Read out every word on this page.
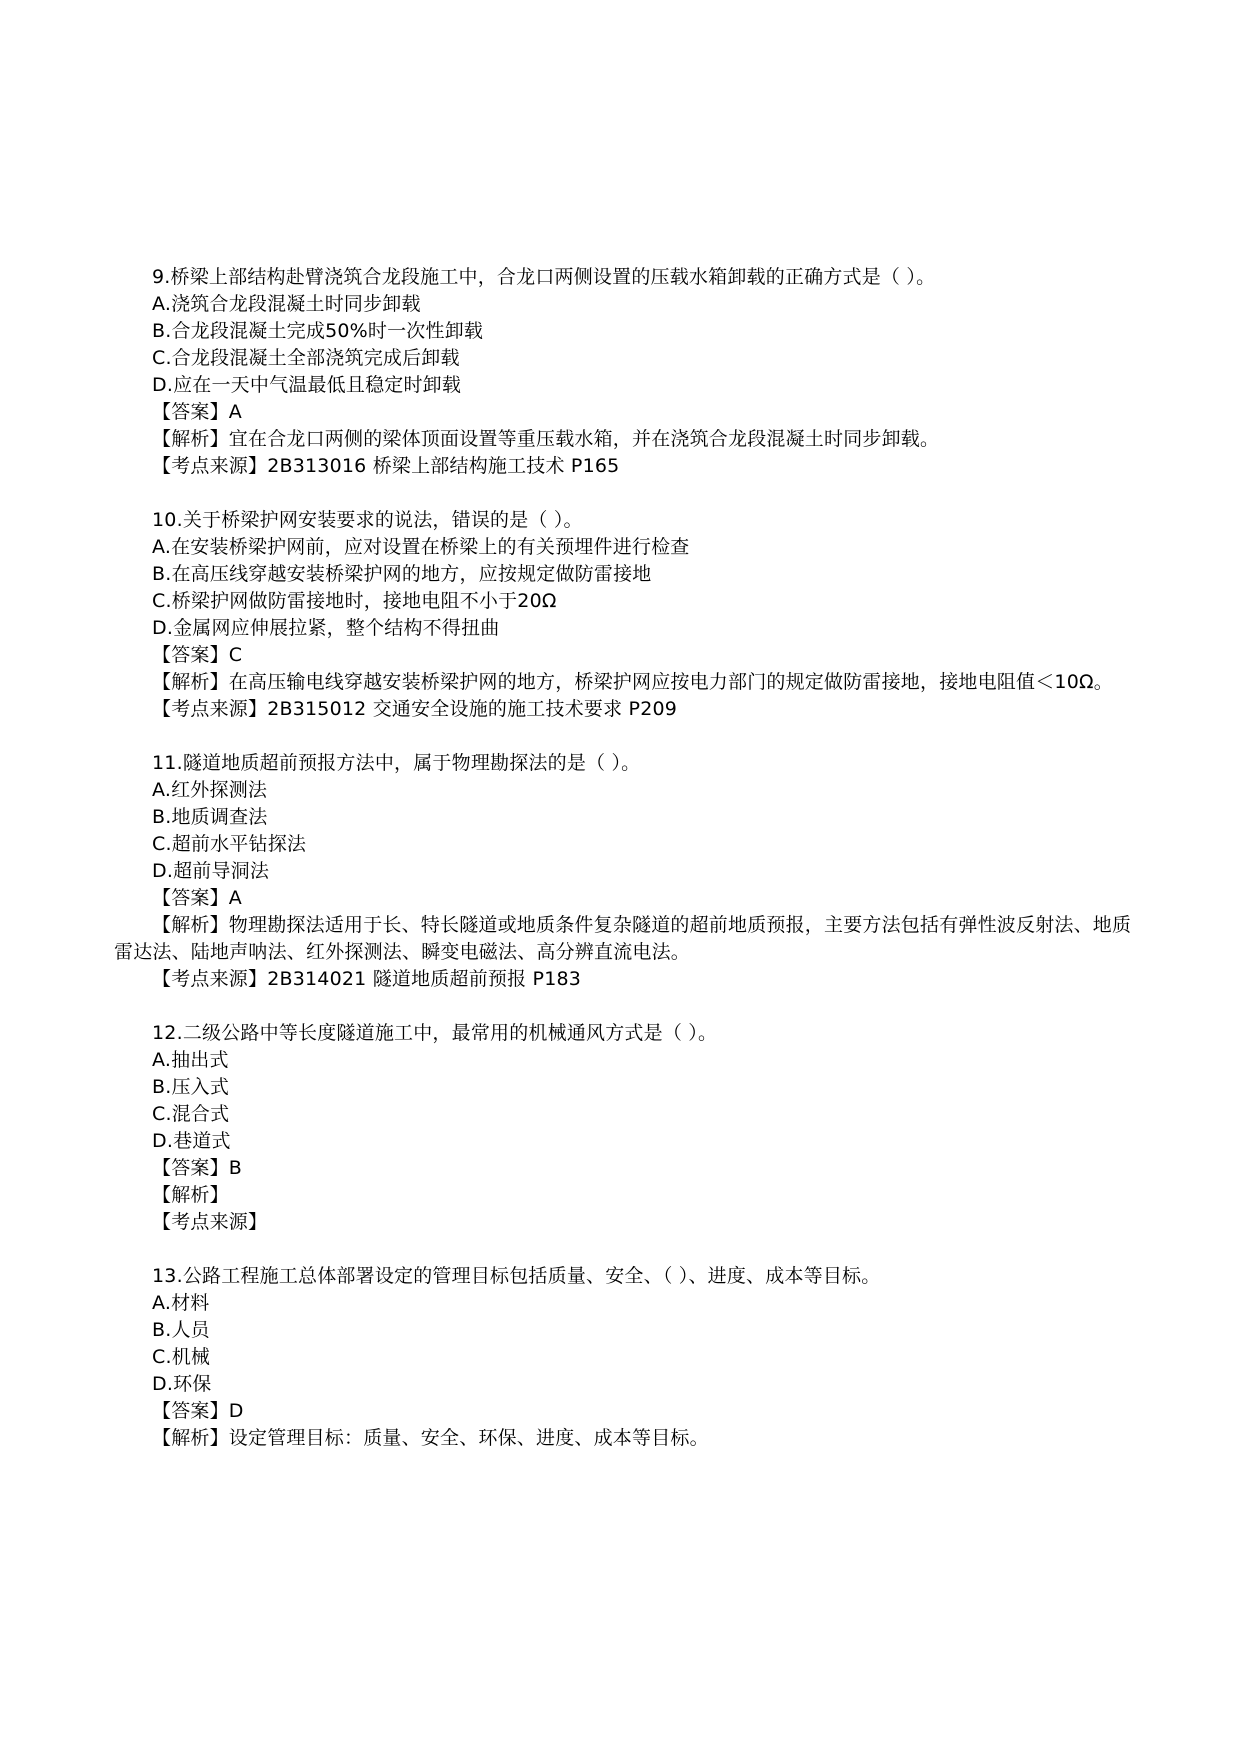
9.桥梁上部结构赴臂浇筑合龙段施工中，合龙口两侧设置的压载水箱卸载的正确方式是（ ）。
A.浇筑合龙段混凝土时同步卸载
B.合龙段混凝土完成50%时一次性卸载
C.合龙段混凝土全部浇筑完成后卸载
D.应在一天中气温最低且稳定时卸载
【答案】A
【解析】宜在合龙口两侧的梁体顶面设置等重压载水箱，并在浇筑合龙段混凝土时同步卸载。
【考点来源】2B313016 桥梁上部结构施工技术 P165
10.关于桥梁护网安装要求的说法，错误的是（ ）。
A.在安装桥梁护网前，应对设置在桥梁上的有关预埋件进行检查
B.在高压线穿越安装桥梁护网的地方，应按规定做防雷接地
C.桥梁护网做防雷接地时，接地电阻不小于20Ω
D.金属网应伸展拉紧，整个结构不得扭曲
【答案】C
【解析】在高压输电线穿越安装桥梁护网的地方，桥梁护网应按电力部门的规定做防雷接地，接地电阻值＜10Ω。
【考点来源】2B315012 交通安全设施的施工技术要求 P209
11.隧道地质超前预报方法中，属于物理勘探法的是（ ）。
A.红外探测法
B.地质调查法
C.超前水平钻探法
D.超前导洞法
【答案】A
【解析】物理勘探法适用于长、特长隧道或地质条件复杂隧道的超前地质预报，主要方法包括有弹性波反射法、地质雷达法、陆地声呐法、红外探测法、瞬变电磁法、高分辨直流电法。
【考点来源】2B314021 隧道地质超前预报 P183
12.二级公路中等长度隧道施工中，最常用的机械通风方式是（ ）。
A.抽出式
B.压入式
C.混合式
D.巷道式
【答案】B
【解析】
【考点来源】
13.公路工程施工总体部署设定的管理目标包括质量、安全、（ ）、进度、成本等目标。
A.材料
B.人员
C.机械
D.环保
【答案】D
【解析】设定管理目标：质量、安全、环保、进度、成本等目标。
